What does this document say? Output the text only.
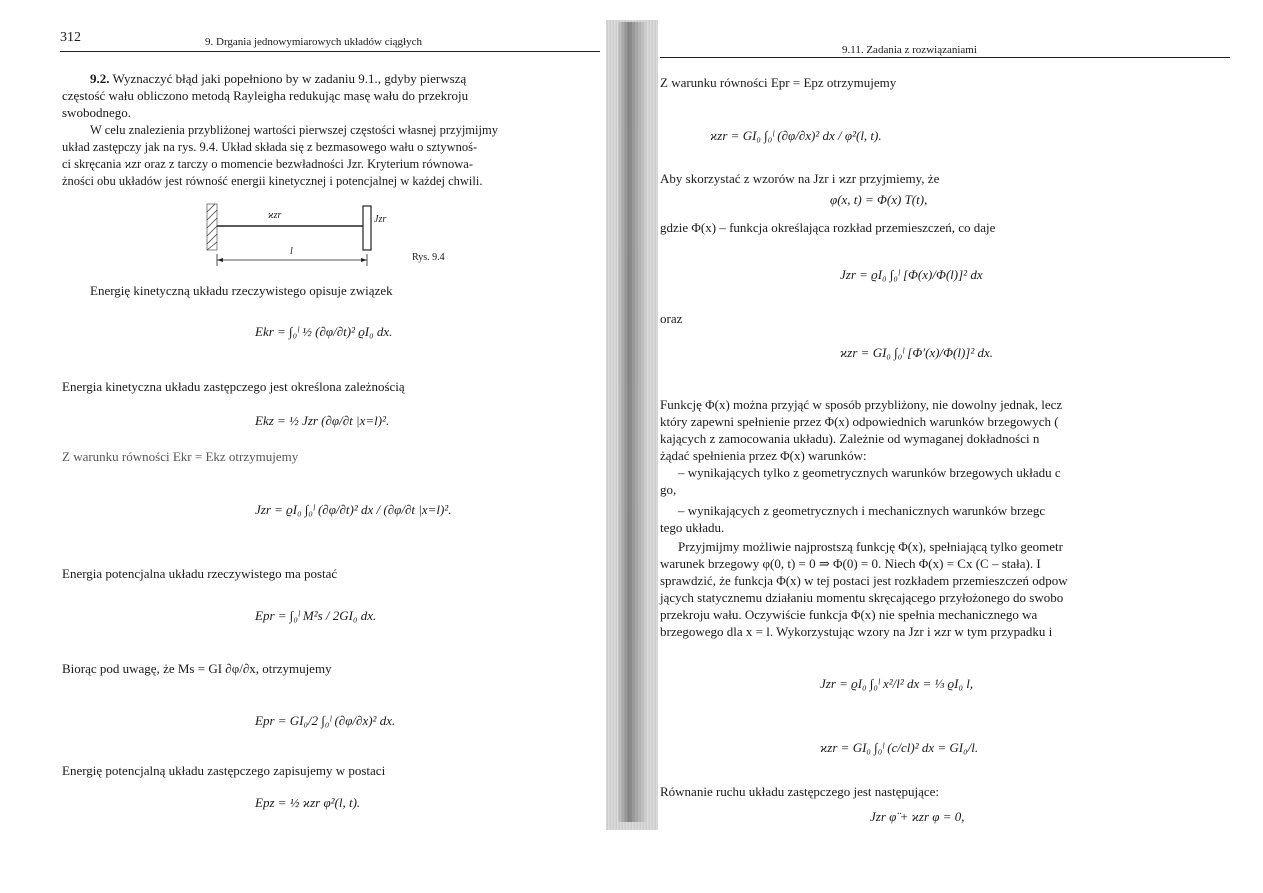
312	9. Drgania jednowymiarowych układów ciągłych
9.2. Wyznaczyć błąd jaki popełniono by w zadaniu 9.1., gdyby pierwszą
częstość wału obliczono metodą Rayleigha redukując masę wału do przekroju
swobodnego.
W celu znalezienia przybliżonej wartości pierwszej częstości własnej przyjmijmy
układ zastępczy jak na rys. 9.4. Układ składa się z bezmasowego wału o sztywnoś-
ci skręcania ϰzr oraz z tarczy o momencie bezwładności Jzr. Kryterium równowa-
żności obu układów jest równość energii kinetycznej i potencjalnej w każdej chwili.
ϰzr	Jzr
l
Rys. 9.4
Energię kinetyczną układu rzeczywistego opisuje związek
Ekr = ∫₀ˡ ½ (∂φ/∂t)² ϱI₀ dx.
Energia kinetyczna układu zastępczego jest określona zależnością
Ekz = ½ Jzr (∂φ/∂t |x=l)².
Z warunku równości Ekr = Ekz otrzymujemy
Jzr = ϱI₀ ∫₀ˡ (∂φ/∂t)² dx / (∂φ/∂t |x=l)².
Energia potencjalna układu rzeczywistego ma postać
Epr = ∫₀ˡ M²s / 2GI₀ dx.
Biorąc pod uwagę, że Ms = GI ∂φ/∂x, otrzymujemy
Epr = GI₀/2 ∫₀ˡ (∂φ/∂x)² dx.
Energię potencjalną układu zastępczego zapisujemy w postaci
Epz = ½ ϰzr φ²(l, t).
9.11. Zadania z rozwiązaniami
Z warunku równości Epr = Epz otrzymujemy
ϰzr = GI₀ ∫₀ˡ (∂φ/∂x)² dx / φ²(l, t).
Aby skorzystać z wzorów na Jzr i ϰzr przyjmiemy, że
φ(x, t) = Φ(x) T(t),
gdzie Φ(x) – funkcja określająca rozkład przemieszczeń, co daje
Jzr = ϱI₀ ∫₀ˡ [Φ(x)/Φ(l)]² dx
oraz
ϰzr = GI₀ ∫₀ˡ [Φ′(x)/Φ(l)]² dx.
Funkcję Φ(x) można przyjąć w sposób przybliżony, nie dowolny jednak, lecz
który zapewni spełnienie przez Φ(x) odpowiednich warunków brzegowych (
kających z zamocowania układu). Zależnie od wymaganej dokładności n
żądać spełnienia przez Φ(x) warunków:
– wynikających tylko z geometrycznych warunków brzegowych układu c
go,
– wynikających z geometrycznych i mechanicznych warunków brzegc
tego układu.
Przyjmijmy możliwie najprostszą funkcję Φ(x), spełniającą tylko geometr
warunek brzegowy φ(0, t) = 0 ⇒ Φ(0) = 0. Niech Φ(x) = Cx (C – stała). I
sprawdzić, że funkcja Φ(x) w tej postaci jest rozkładem przemieszczeń odpow
jących statycznemu działaniu momentu skręcającego przyłożonego do swobo
przekroju wału. Oczywiście funkcja Φ(x) nie spełnia mechanicznego wa
brzegowego dla x = l. Wykorzystując wzory na Jzr i ϰzr w tym przypadku i
Jzr = ϱI₀ ∫₀ˡ x²/l² dx = ⅓ ϱI₀ l,
ϰzr = GI₀ ∫₀ˡ (c/cl)² dx = GI₀/l.
Równanie ruchu układu zastępczego jest następujące:
Jzr φ̈ + ϰzr φ = 0,
